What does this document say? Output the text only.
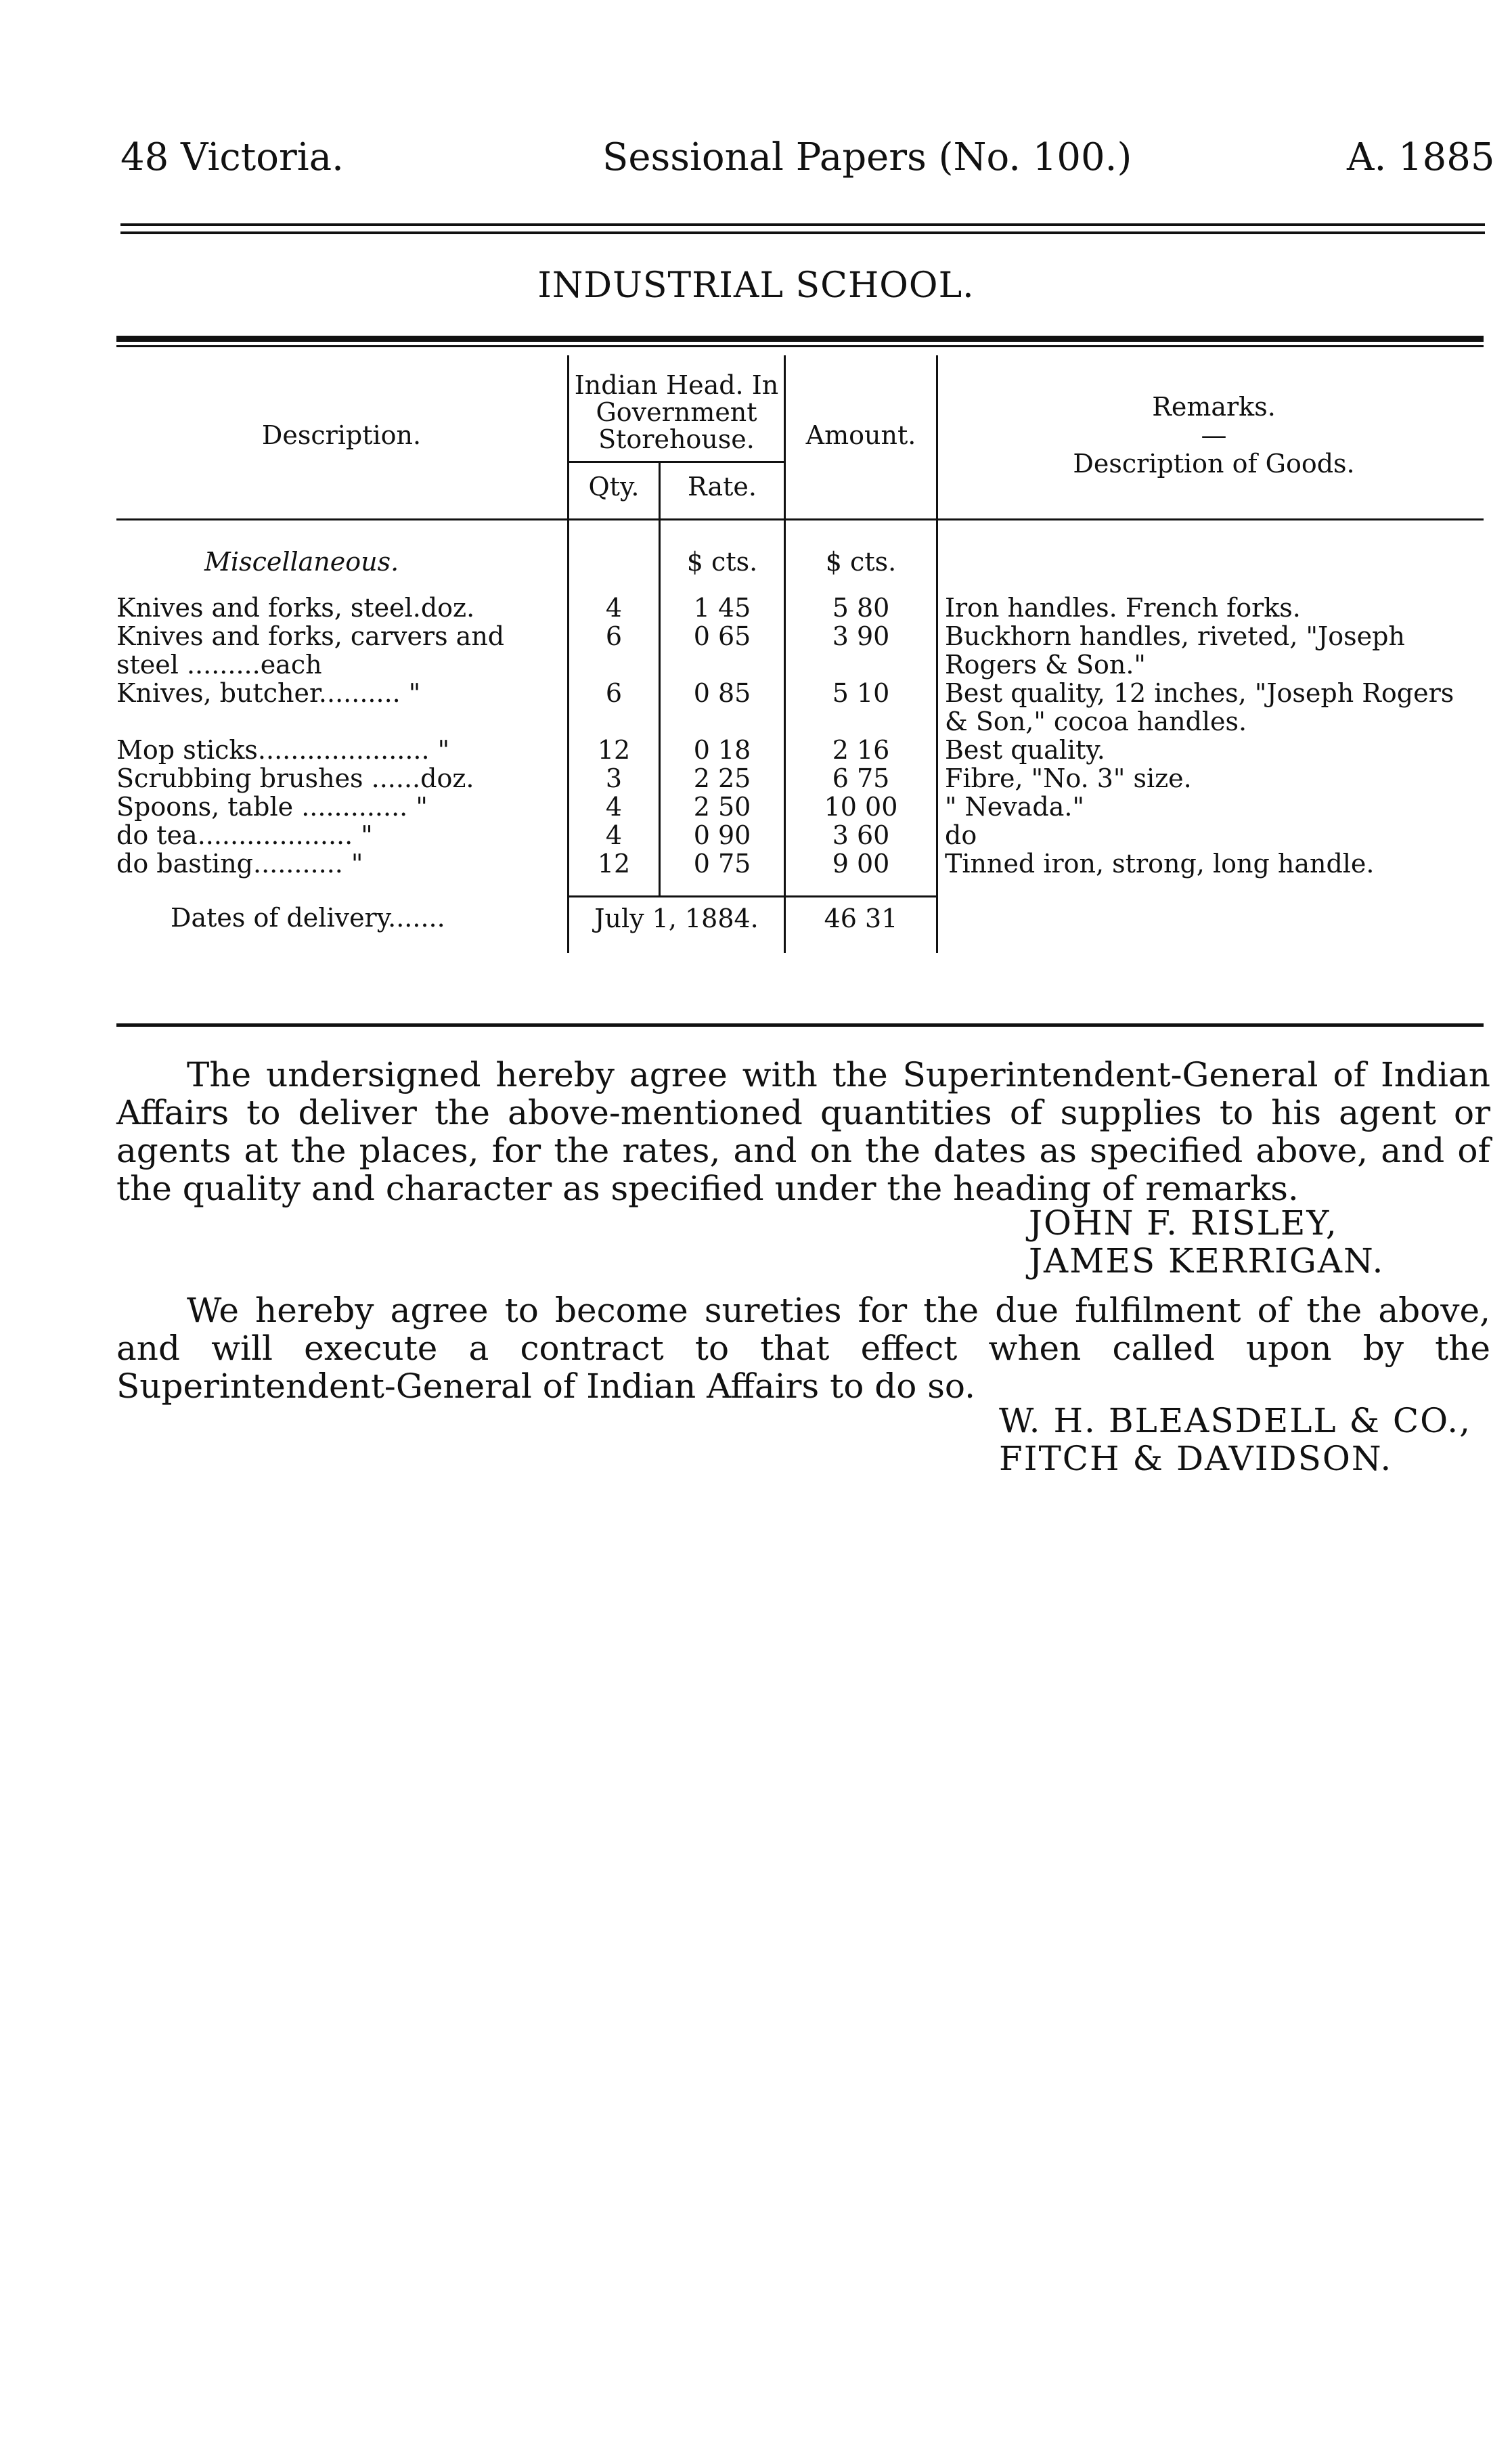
48 Victoria.	Sessional Papers (No. 100.)	A. 1885
INDUSTRIAL SCHOOL.
Description.	Indian Head. In Government Storehouse.		Amount.	Remarks.
—
Description of Goods.

	Qty.	Rate.		

Miscellaneous.		$ cts.	$ cts.	

Knives and forks, steel.doz.	4	1 45	5 80	Iron handles. French forks.
Knives and forks, carvers and steel .........each	6	0 65	3 90	Buckhorn handles, riveted, "Joseph Rogers & Son."
Knives, butcher.......... "	6	0 85	5 10	Best quality, 12 inches, "Joseph Rogers & Son," cocoa handles.
Mop sticks..................... "	12	0 18	2 16	Best quality.
Scrubbing brushes ......doz.	3	2 25	6 75	Fibre, "No. 3" size.
Spoons, table ............. "	4	2 50	10 00	" Nevada."
do tea................... "	4	0 90	3 60	do
do basting........... "	12	0 75	9 00	Tinned iron, strong, long handle.

Dates of delivery.......	July 1, 1884.		46 31	

The undersigned hereby agree with the Superintendent-General of Indian Affairs to deliver the above-mentioned quantities of supplies to his agent or agents at the places, for the rates, and on the dates as specified above, and of the quality and character as specified under the heading of remarks.

JOHN F. RISLEY,
JAMES KERRIGAN.

We hereby agree to become sureties for the due fulfilment of the above, and will execute a contract to that effect when called upon by the Superintendent-General of Indian Affairs to do so.

W. H. BLEASDELL & CO.,
FITCH & DAVIDSON.
